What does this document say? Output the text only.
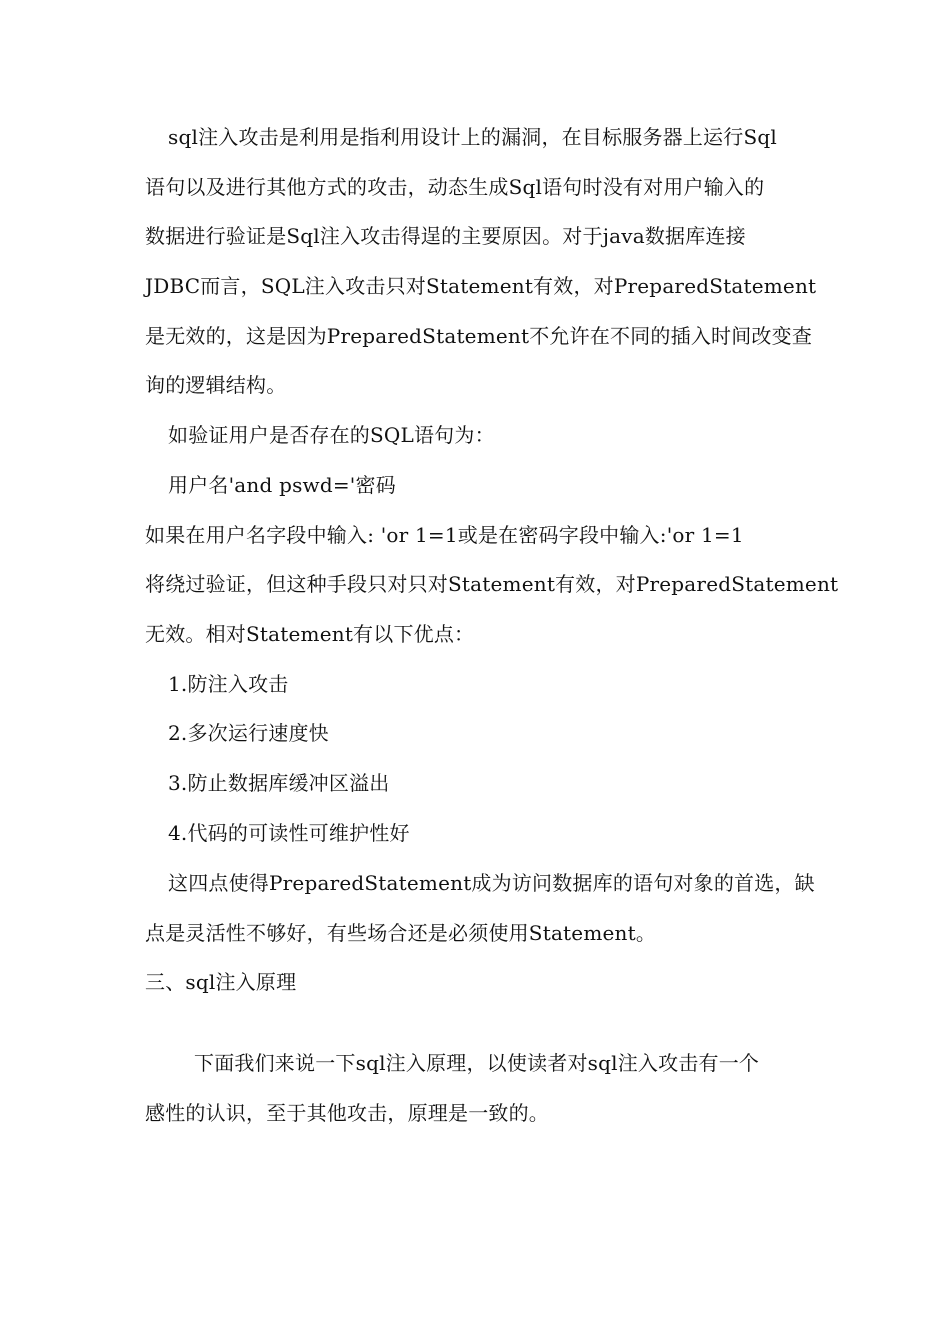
sql注入攻击是利用是指利用设计上的漏洞，在目标服务器上运行Sql
语句以及进行其他方式的攻击，动态生成Sql语句时没有对用户输入的
数据进行验证是Sql注入攻击得逞的主要原因。对于java数据库连接
JDBC而言，SQL注入攻击只对Statement有效，对PreparedStatement
是无效的，这是因为PreparedStatement不允许在不同的插入时间改变查
询的逻辑结构。
如验证用户是否存在的SQL语句为：
用户名'and pswd='密码
如果在用户名字段中输入: 'or 1=1或是在密码字段中输入:'or 1=1
将绕过验证，但这种手段只对只对Statement有效，对PreparedStatement
无效。相对Statement有以下优点：
1.防注入攻击
2.多次运行速度快
3.防止数据库缓冲区溢出
4.代码的可读性可维护性好
这四点使得PreparedStatement成为访问数据库的语句对象的首选，缺
点是灵活性不够好，有些场合还是必须使用Statement。
三、sql注入原理
下面我们来说一下sql注入原理，以使读者对sql注入攻击有一个
感性的认识，至于其他攻击，原理是一致的。
